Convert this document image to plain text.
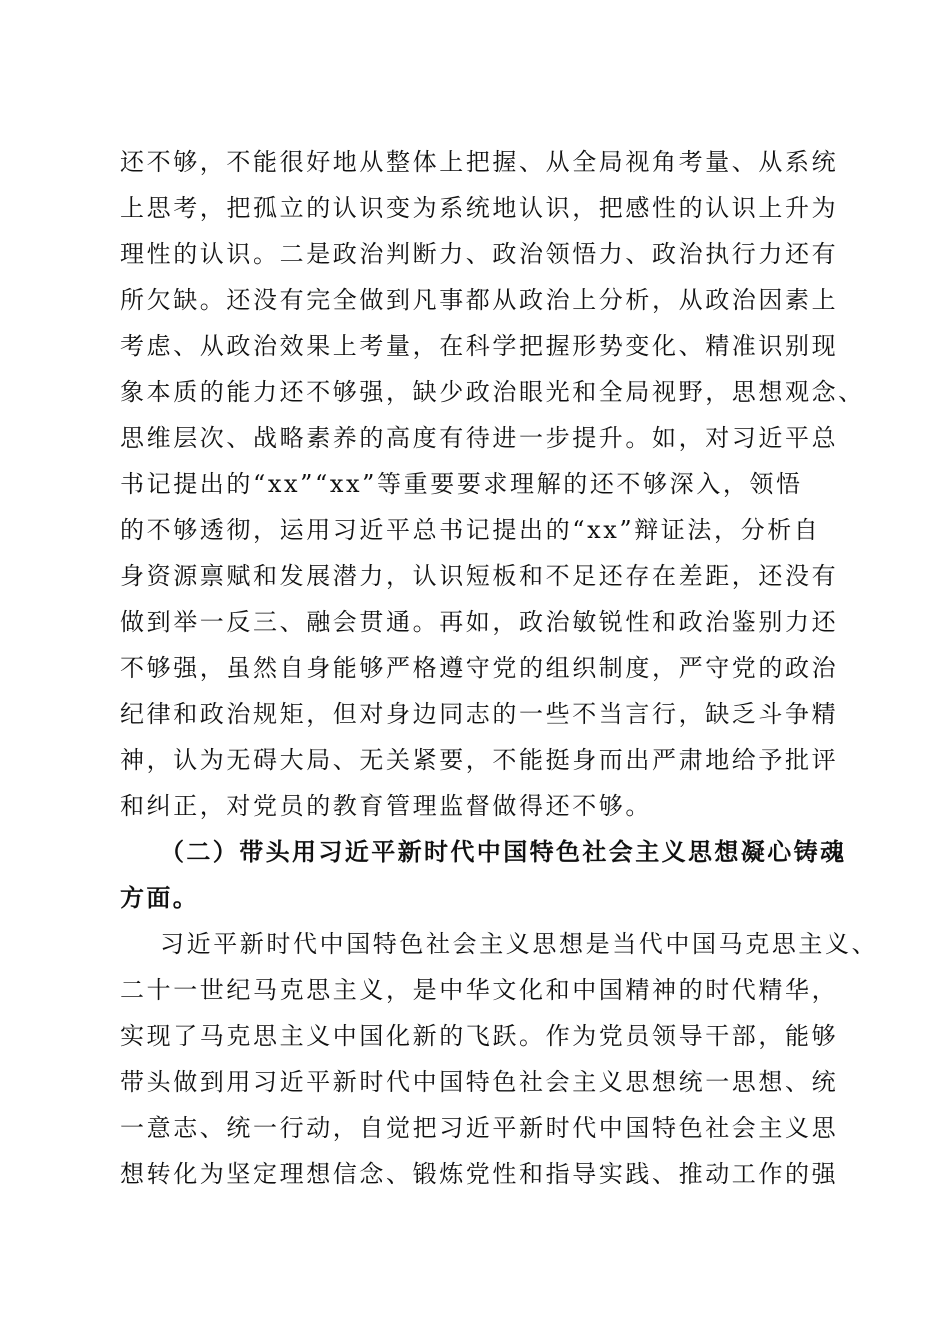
还不够，不能很好地从整体上把握、从全局视角考量、从系统
上思考，把孤立的认识变为系统地认识，把感性的认识上升为
理性的认识。二是政治判断力、政治领悟力、政治执行力还有
所欠缺。还没有完全做到凡事都从政治上分析，从政治因素上
考虑、从政治效果上考量，在科学把握形势变化、精准识别现
象本质的能力还不够强，缺少政治眼光和全局视野，思想观念、
思维层次、战略素养的高度有待进一步提升。如，对习近平总
书记提出的“xx”“xx”等重要要求理解的还不够深入，领悟
的不够透彻，运用习近平总书记提出的“xx”辩证法，分析自
身资源禀赋和发展潜力，认识短板和不足还存在差距，还没有
做到举一反三、融会贯通。再如，政治敏锐性和政治鉴别力还
不够强，虽然自身能够严格遵守党的组织制度，严守党的政治
纪律和政治规矩，但对身边同志的一些不当言行，缺乏斗争精
神，认为无碍大局、无关紧要，不能挺身而出严肃地给予批评
和纠正，对党员的教育管理监督做得还不够。
（二）带头用习近平新时代中国特色社会主义思想凝心铸魂
方面。
习近平新时代中国特色社会主义思想是当代中国马克思主义、
二十一世纪马克思主义，是中华文化和中国精神的时代精华，
实现了马克思主义中国化新的飞跃。作为党员领导干部，能够
带头做到用习近平新时代中国特色社会主义思想统一思想、统
一意志、统一行动，自觉把习近平新时代中国特色社会主义思
想转化为坚定理想信念、锻炼党性和指导实践、推动工作的强
